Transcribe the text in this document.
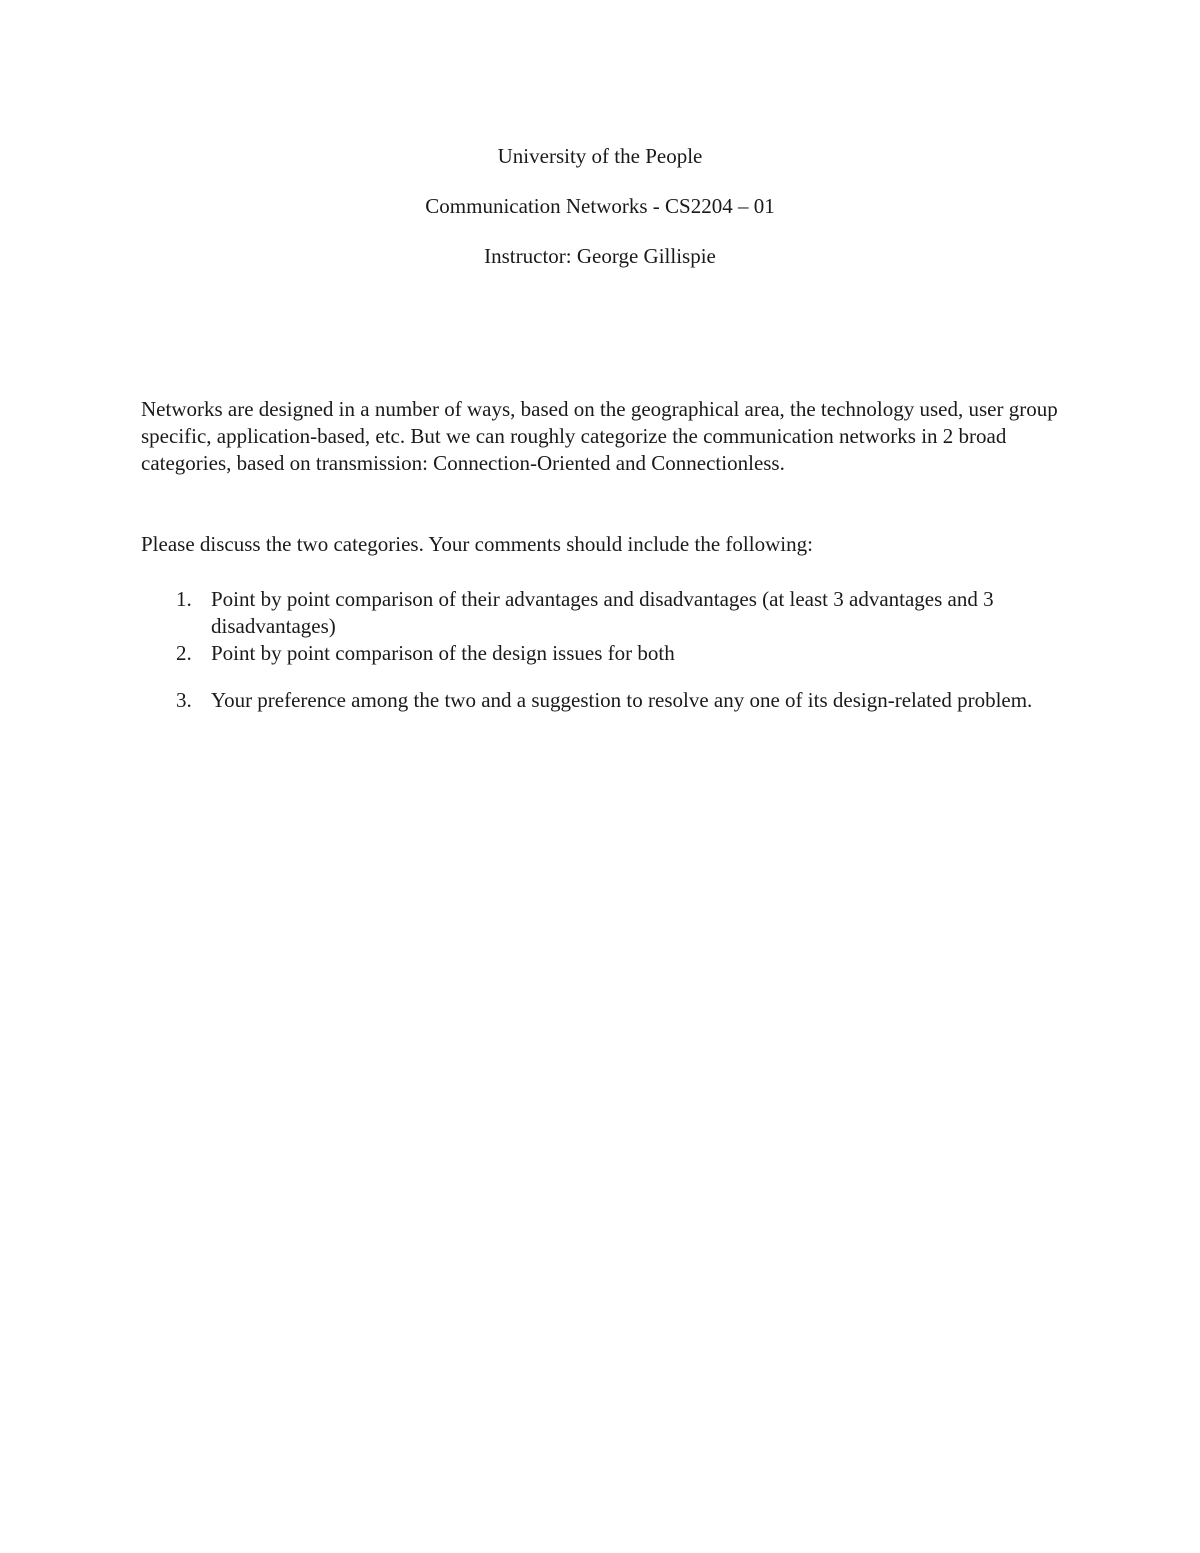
University of the People
Communication Networks - CS2204 – 01
Instructor: George Gillispie

Networks are designed in a number of ways, based on the geographical area, the technology used, user group specific, application-based, etc. But we can roughly categorize the communication networks in 2 broad categories, based on transmission: Connection-Oriented and Connectionless.

Please discuss the two categories. Your comments should include the following:

1. Point by point comparison of their advantages and disadvantages (at least 3 advantages and 3 disadvantages)
2. Point by point comparison of the design issues for both
3. Your preference among the two and a suggestion to resolve any one of its design-related problem.
